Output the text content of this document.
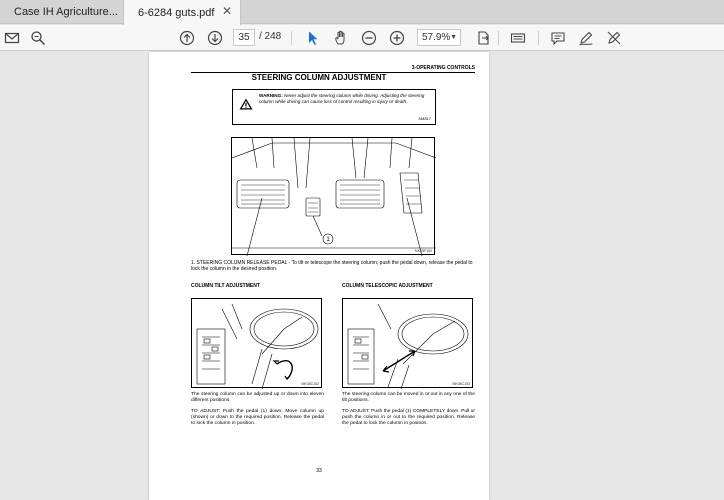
Case IH Agriculture... 6-6284 guts.pdf ✕
35 / 248	57.9% ▼
3-OPERATING CONTROLS
STEERING COLUMN ADJUSTMENT
WARNING: Never adjust the steering column while driving. Adjusting the steering column while driving can cause loss of control resulting in injury or death.
SM817
1
MK08F150
1. STEERING COLUMN RELEASE PEDAL - To tilt or telescope the steering column, push the pedal down, release the pedal to lock the column in the desired position.
COLUMN TILT ADJUSTMENT	COLUMN TELESCOPIC ADJUSTMENT
MK08C152	MK08C153
The steering column can be adjusted up or down into eleven different positions.
TO ADJUST: Push the pedal (1) down. Move column up (shown) or down to the required position. Release the pedal to lock the column in position.
The steering column can be moved in or out in any one of the tilt positions.
TO ADJUST: Push the pedal (1) COMPLETELY down. Pull or push the column in or out to the required position. Release the pedal to lock the column in position.
33
